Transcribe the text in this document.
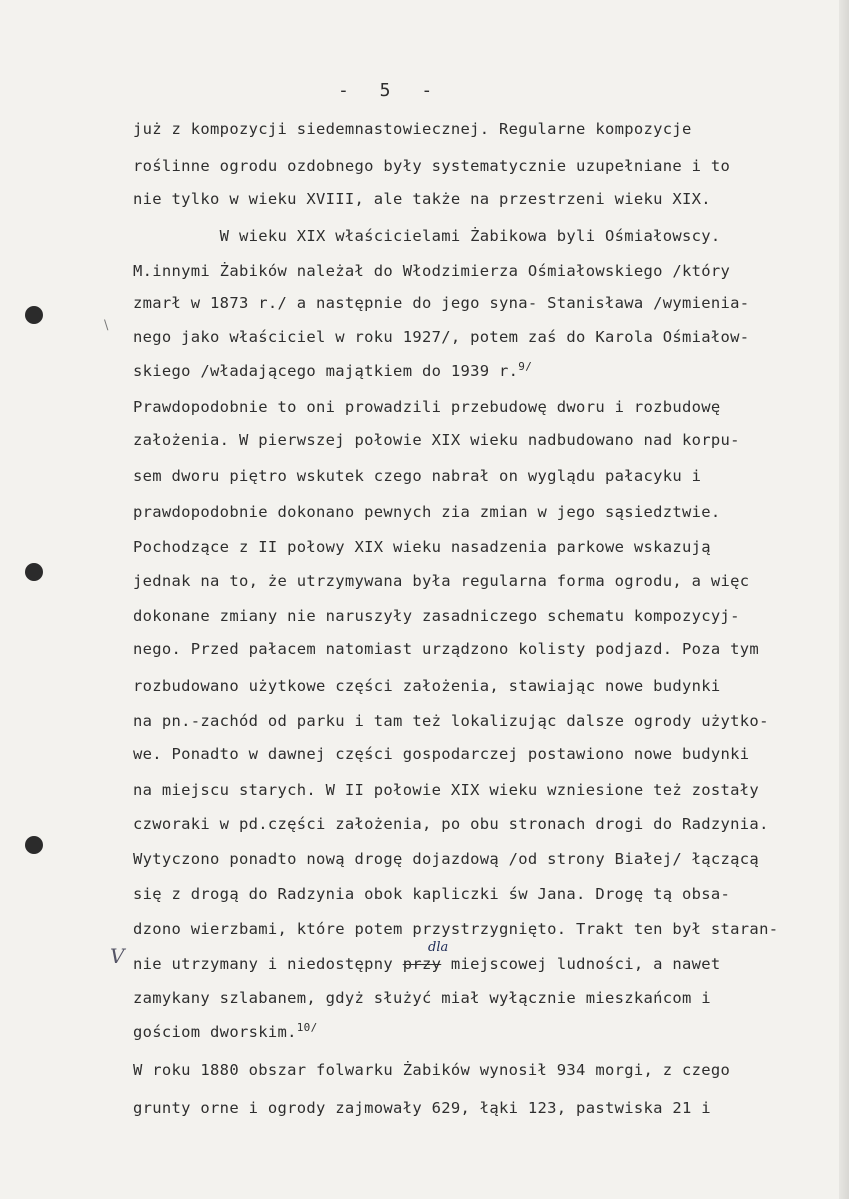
- 5 -
już z kompozycji siedemnastowiecznej. Regularne kompozycje
roślinne ogrodu ozdobnego były systematycznie uzupełniane i to
nie tylko w wieku XVIII, ale także na przestrzeni wieku XIX.
W wieku XIX właścicielami Żabikowa byli Ośmiałowscy.
M.innymi Żabików należał do Włodzimierza Ośmiałowskiego /który
zmarł w 1873 r./ a następnie do jego syna- Stanisława /wymienia-
nego jako właściciel w roku 1927/, potem zaś do Karola Ośmiałow-
skiego /władającego majątkiem do 1939 r.$^{9/}$
Prawdopodobnie to oni prowadzili przebudowę dworu i rozbudowę
założenia. W pierwszej połowie XIX wieku nadbudowano nad korpu-
sem dworu piętro wskutek czego nabrał on wyglądu pałacyku i
prawdopodobnie dokonano pewnych zia zmian w jego sąsiedztwie.
Pochodzące z II połowy XIX wieku nasadzenia parkowe wskazują
jednak na to, że utrzymywana była regularna forma ogrodu, a więc
dokonane zmiany nie naruszyły zasadniczego schematu kompozycyj-
nego. Przed pałacem natomiast urządzono kolisty podjazd. Poza tym
rozbudowano użytkowe części założenia, stawiając nowe budynki
na pn.-zachód od parku i tam też lokalizując dalsze ogrody użytko-
we. Ponadto w dawnej części gospodarczej postawiono nowe budynki
na miejscu starych. W II połowie XIX wieku wzniesione też zostały
czworaki w pd.części założenia, po obu stronach drogi do Radzynia.
Wytyczono ponadto nową drogę dojazdową /od strony Białej/ łączącą
się z drogą do Radzynia obok kapliczki św Jana. Drogę tą obsa-
dzono wierzbami, które potem przystrzygnięto. Trakt ten był staran-
nie utrzymany i niedostępny przy miejscowej ludności, a nawet
zamykany szlabanem, gdyż służyć miał wyłącznie mieszkańcom i
gościom dworskim.$^{10/}$
W roku 1880 obszar folwarku Żabików wynosił 934 morgi, z czego
grunty orne i ogrody zajmowały 629, łąki 123, pastwiska 21 i
dla
V
\
